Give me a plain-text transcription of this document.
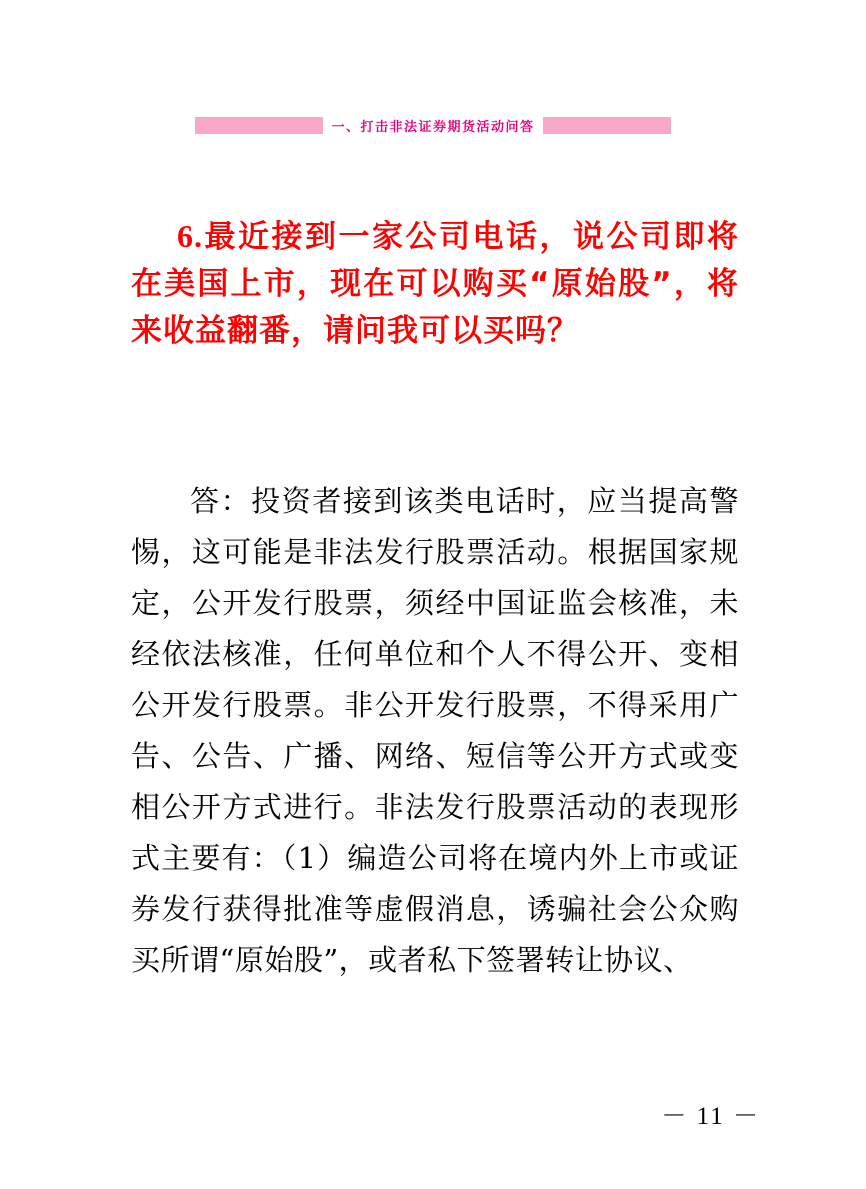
一、打击非法证券期货活动问答
6.最近接到一家公司电话，说公司即将在美国上市，现在可以购买“原始股”，将来收益翻番，请问我可以买吗？

答：投资者接到该类电话时，应当提高警惕，这可能是非法发行股票活动。根据国家规定，公开发行股票，须经中国证监会核准，未经依法核准，任何单位和个人不得公开、变相公开发行股票。非公开发行股票，不得采用广告、公告、广播、网络、短信等公开方式或变相公开方式进行。非法发行股票活动的表现形式主要有：（1）编造公司将在境内外上市或证券发行获得批准等虚假消息，诱骗社会公众购买所谓“原始股”，或者私下签署转让协议、

－ 11 －
